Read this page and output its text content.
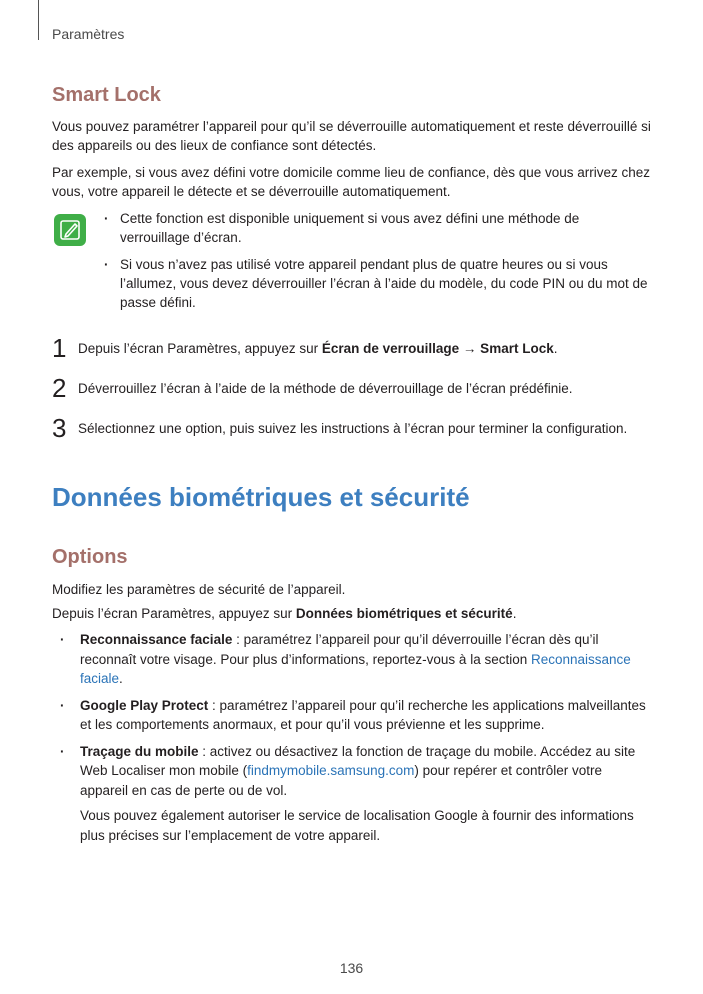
Paramètres
Smart Lock

Vous pouvez paramétrer l’appareil pour qu’il se déverrouille automatiquement et reste déverrouillé si des appareils ou des lieux de confiance sont détectés.

Par exemple, si vous avez défini votre domicile comme lieu de confiance, dès que vous arrivez chez vous, votre appareil le détecte et se déverrouille automatiquement.

· Cette fonction est disponible uniquement si vous avez défini une méthode de verrouillage d’écran.
· Si vous n’avez pas utilisé votre appareil pendant plus de quatre heures ou si vous l’allumez, vous devez déverrouiller l’écran à l’aide du modèle, du code PIN ou du mot de passe défini.
1 Depuis l’écran Paramètres, appuyez sur Écran de verrouillage → Smart Lock.
2 Déverrouillez l’écran à l’aide de la méthode de déverrouillage de l’écran prédéfinie.
3 Sélectionnez une option, puis suivez les instructions à l’écran pour terminer la configuration.
Données biométriques et sécurité
Options

Modifiez les paramètres de sécurité de l’appareil.

Depuis l’écran Paramètres, appuyez sur Données biométriques et sécurité.

· Reconnaissance faciale : paramétrez l’appareil pour qu’il déverrouille l’écran dès qu’il reconnaît votre visage. Pour plus d’informations, reportez-vous à la section Reconnaissance faciale.
· Google Play Protect : paramétrez l’appareil pour qu’il recherche les applications malveillantes et les comportements anormaux, et pour qu’il vous prévienne et les supprime.
· Traçage du mobile : activez ou désactivez la fonction de traçage du mobile. Accédez au site Web Localiser mon mobile (findmymobile.samsung.com) pour repérer et contrôler votre appareil en cas de perte ou de vol.
Vous pouvez également autoriser le service de localisation Google à fournir des informations plus précises sur l’emplacement de votre appareil.
136
